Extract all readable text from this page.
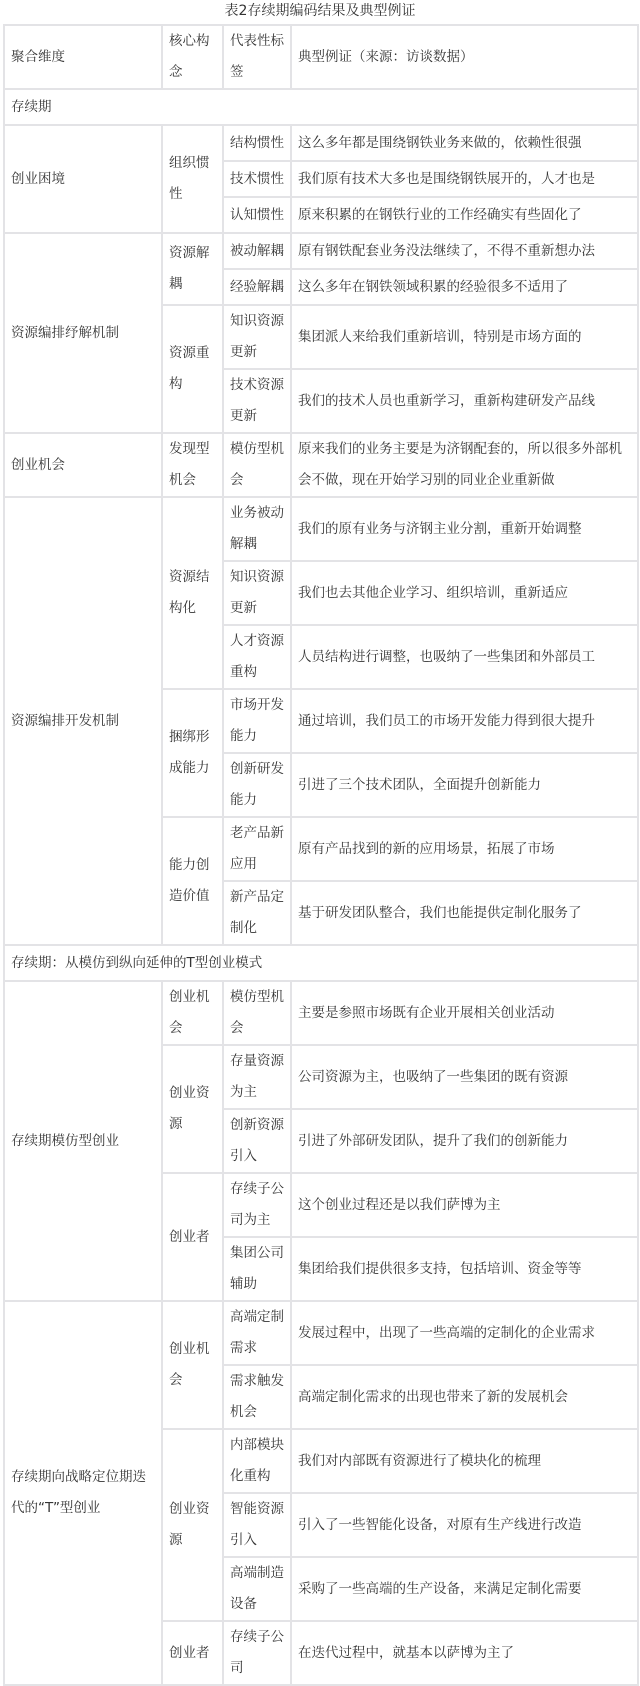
表2存续期编码结果及典型例证
聚合维度	核心构念	代表性标签	典型例证（来源：访谈数据）
存续期			
创业困境	组织惯性	结构惯性	这么多年都是围绕钢铁业务来做的，依赖性很强
		技术惯性	我们原有技术大多也是围绕钢铁展开的，人才也是
		认知惯性	原来积累的在钢铁行业的工作经确实有些固化了
资源编排纾解机制	资源解耦	被动解耦	原有钢铁配套业务没法继续了，不得不重新想办法
		经验解耦	这么多年在钢铁领域积累的经验很多不适用了
	资源重构	知识资源更新	集团派人来给我们重新培训，特别是市场方面的
		技术资源更新	我们的技术人员也重新学习，重新构建研发产品线
创业机会	发现型机会	模仿型机会	原来我们的业务主要是为济钢配套的，所以很多外部机会不做，现在开始学习别的同业企业重新做
资源编排开发机制	资源结构化	业务被动解耦	我们的原有业务与济钢主业分割，重新开始调整
		知识资源更新	我们也去其他企业学习、组织培训，重新适应
		人才资源重构	人员结构进行调整，也吸纳了一些集团和外部员工
	捆绑形成能力	市场开发能力	通过培训，我们员工的市场开发能力得到很大提升
		创新研发能力	引进了三个技术团队，全面提升创新能力
	能力创造价值	老产品新应用	原有产品找到的新的应用场景，拓展了市场
		新产品定制化	基于研发团队整合，我们也能提供定制化服务了
存续期：从模仿到纵向延伸的T型创业模式			
存续期模仿型创业	创业机会	模仿型机会	主要是参照市场既有企业开展相关创业活动
	创业资源	存量资源为主	公司资源为主，也吸纳了一些集团的既有资源
		创新资源引入	引进了外部研发团队，提升了我们的创新能力
	创业者	存续子公司为主	这个创业过程还是以我们萨博为主
		集团公司辅助	集团给我们提供很多支持，包括培训、资金等等
存续期向战略定位期迭代的“T”型创业	创业机会	高端定制需求	发展过程中，出现了一些高端的定制化的企业需求
		需求触发机会	高端定制化需求的出现也带来了新的发展机会
	创业资源	内部模块化重构	我们对内部既有资源进行了模块化的梳理
		智能资源引入	引入了一些智能化设备，对原有生产线进行改造
		高端制造设备	采购了一些高端的生产设备，来满足定制化需要
	创业者	存续子公司	在迭代过程中，就基本以萨博为主了
